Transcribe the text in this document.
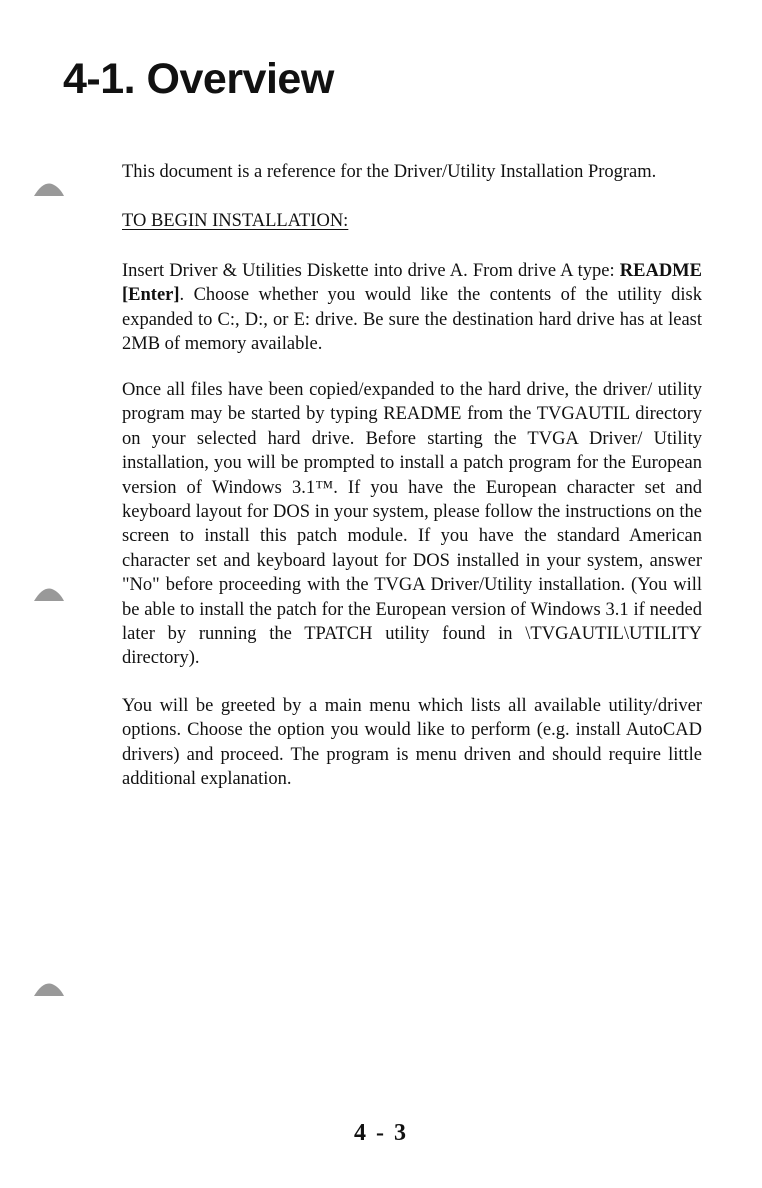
4-1. Overview

This document is a reference for the Driver/Utility Installation Program.

TO BEGIN INSTALLATION:

Insert Driver & Utilities Diskette into drive A. From drive A type: README [Enter]. Choose whether you would like the contents of the utility disk expanded to C:, D:, or E: drive. Be sure the destination hard drive has at least 2MB of memory available.

Once all files have been copied/expanded to the hard drive, the driver/ utility program may be started by typing README from the TVGAUTIL directory on your selected hard drive. Before starting the TVGA Driver/ Utility installation, you will be prompted to install a patch program for the European version of Windows 3.1™. If you have the European character set and keyboard layout for DOS in your system, please follow the instructions on the screen to install this patch module. If you have the standard American character set and keyboard layout for DOS installed in your system, answer "No" before proceeding with the TVGA Driver/Utility installation. (You will be able to install the patch for the European version of Windows 3.1 if needed later by running the TPATCH utility found in \TVGAUTIL\UTILITY directory).

You will be greeted by a main menu which lists all available utility/driver options. Choose the option you would like to perform (e.g. install AutoCAD drivers) and proceed. The program is menu driven and should require little additional explanation.

4 - 3
